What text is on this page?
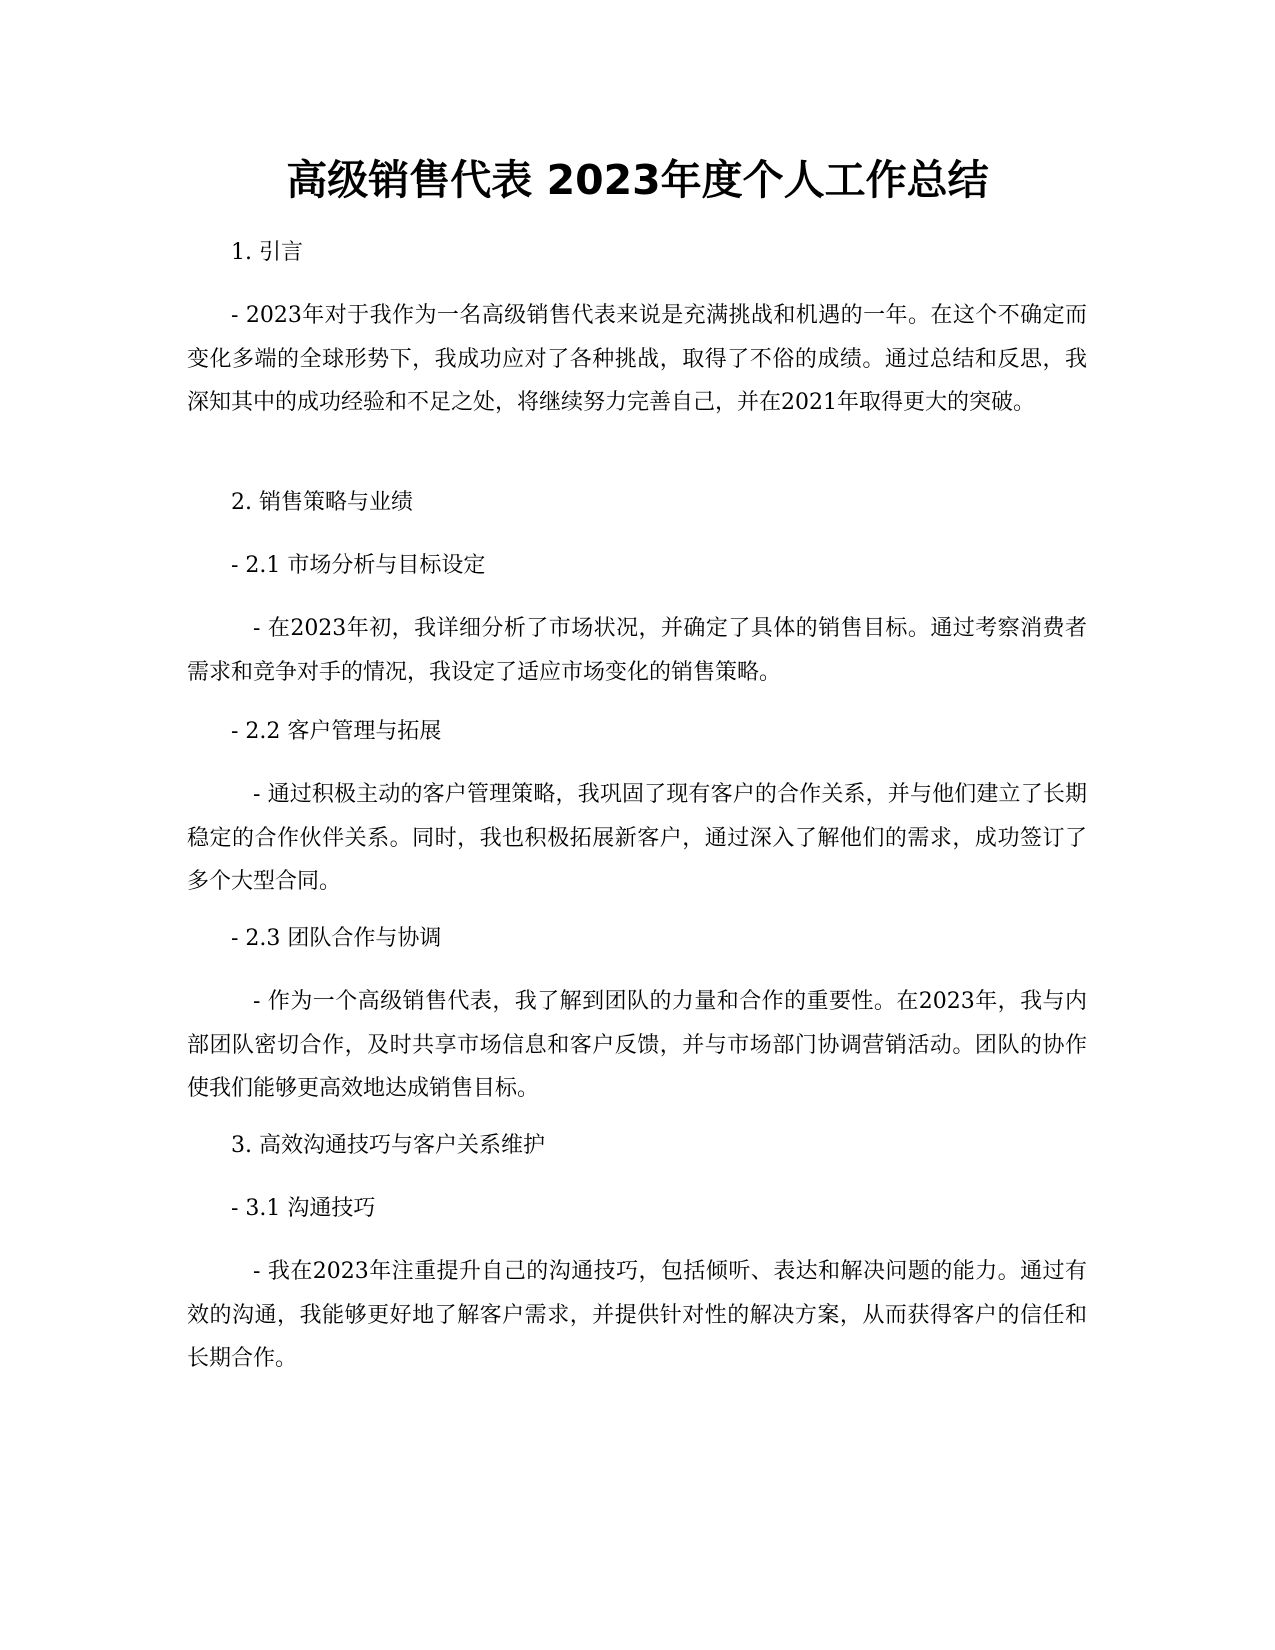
高级销售代表 2023年度个人工作总结

1. 引言

- 2023年对于我作为一名高级销售代表来说是充满挑战和机遇的一年。在这个不确定而变化多端的全球形势下，我成功应对了各种挑战，取得了不俗的成绩。通过总结和反思，我深知其中的成功经验和不足之处，将继续努力完善自己，并在2021年取得更大的突破。

2. 销售策略与业绩

- 2.1 市场分析与目标设定

- 在2023年初，我详细分析了市场状况，并确定了具体的销售目标。通过考察消费者需求和竞争对手的情况，我设定了适应市场变化的销售策略。

- 2.2 客户管理与拓展

- 通过积极主动的客户管理策略，我巩固了现有客户的合作关系，并与他们建立了长期稳定的合作伙伴关系。同时，我也积极拓展新客户，通过深入了解他们的需求，成功签订了多个大型合同。

- 2.3 团队合作与协调

- 作为一个高级销售代表，我了解到团队的力量和合作的重要性。在2023年，我与内部团队密切合作，及时共享市场信息和客户反馈，并与市场部门协调营销活动。团队的协作使我们能够更高效地达成销售目标。

3. 高效沟通技巧与客户关系维护

- 3.1 沟通技巧

- 我在2023年注重提升自己的沟通技巧，包括倾听、表达和解决问题的能力。通过有效的沟通，我能够更好地了解客户需求，并提供针对性的解决方案，从而获得客户的信任和长期合作。
